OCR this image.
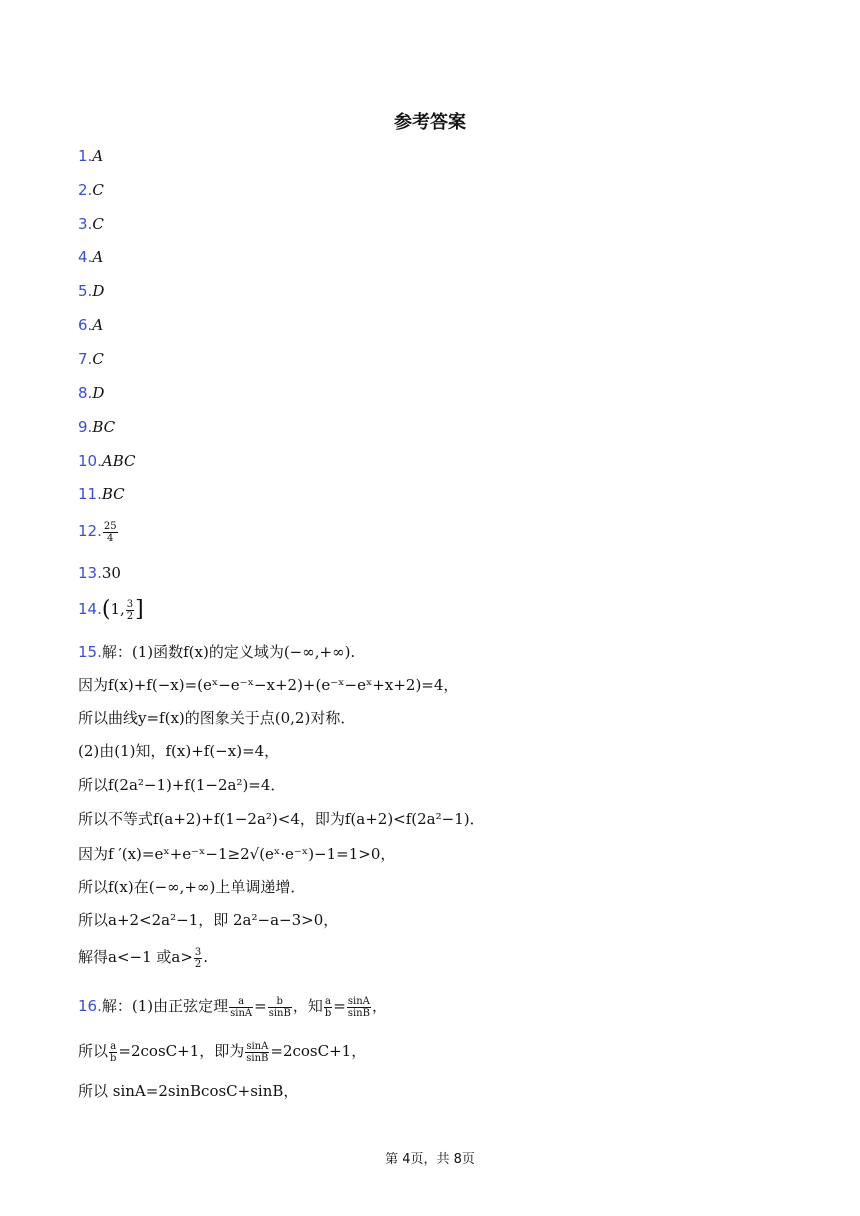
参考答案
1.A
2.C
3.C
4.A
5.D
6.A
7.C
8.D
9.BC
10.ABC
11.BC
12. $\frac{25}{4}$
13.30
14.(1, $\frac{3}{2}$ ]
15.解：(1)函数f(x)的定义域为(−∞,+∞).
因为f(x)+f(−x)=(eˣ−e⁻ˣ−x+2)+(e⁻ˣ−eˣ+x+2)=4，
所以曲线y=f(x)的图象关于点(0,2)对称．
(2)由(1)知，f(x)+f(−x)=4，
所以f(2a²−1)+f(1−2a²)=4．
所以不等式f(a+2)+f(1−2a²)<4，即为f(a+2)<f(2a²−1)．
因为f ′(x)=eˣ+e⁻ˣ−1≥2√(eˣ·e⁻ˣ)−1=1>0，
所以f(x)在(−∞,+∞)上单调递增．
所以a+2<2a²−1，即 2a²−a−3>0，
解得a<−1 或$a> \frac{3}{2}$ .
16.解：(1)由正弦定理 $\frac{a}{\sin A} = \frac{b}{\sin B}$ ，知 $\frac{a}{b} = \frac{\sin A}{\sin B}$ ，
所以 $\frac{a}{b} =2\cos C+1$，即为 $\frac{\sin A}{\sin B} =2\cos C+1$，
所以 sinA=2sinBcosC+sinB，
第 4页，共 8页
